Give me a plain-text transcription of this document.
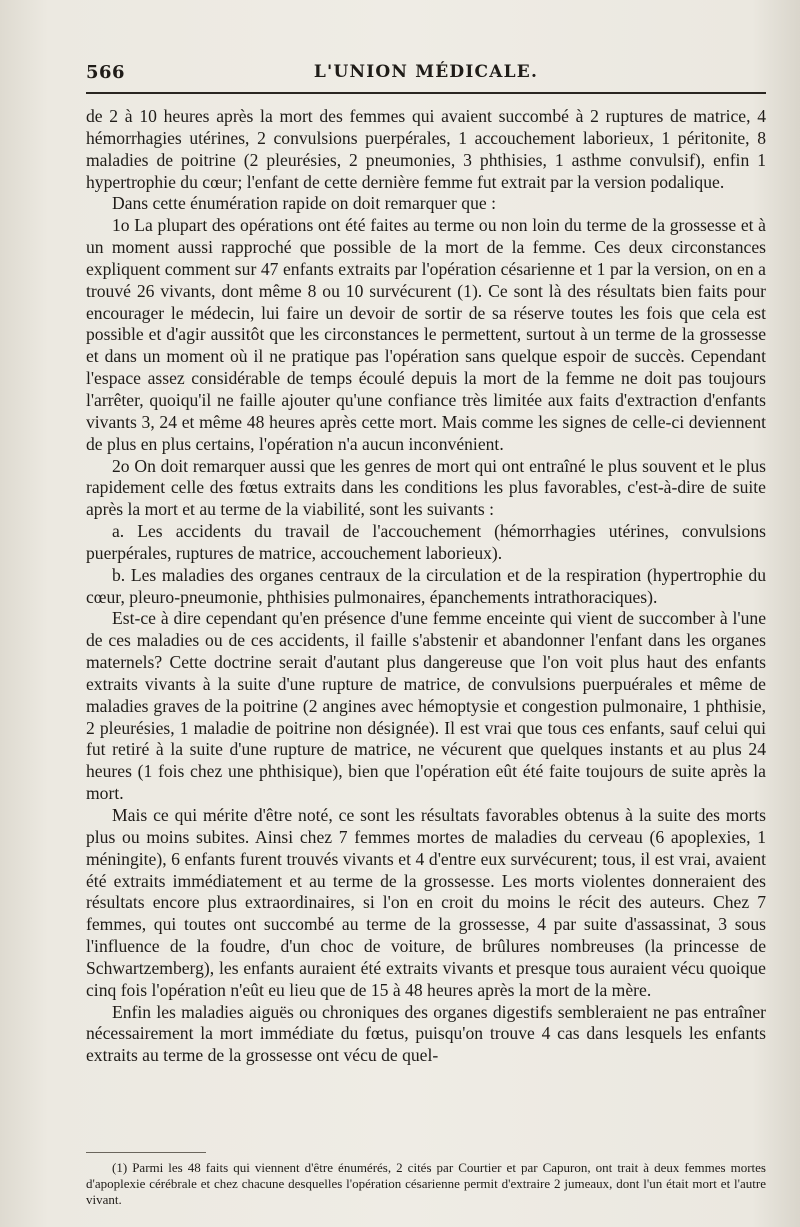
566	L'UNION MÉDICALE.

de 2 à 10 heures après la mort des femmes qui avaient succombé à 2 ruptures de matrice, 4 hémorrhagies utérines, 2 convulsions puerpérales, 1 accouchement laborieux, 1 péritonite, 8 maladies de poitrine (2 pleurésies, 2 pneumonies, 3 phthisies, 1 asthme convulsif), enfin 1 hypertrophie du cœur; l'enfant de cette dernière femme fut extrait par la version podalique.

Dans cette énumération rapide on doit remarquer que :

1o La plupart des opérations ont été faites au terme ou non loin du terme de la grossesse et à un moment aussi rapproché que possible de la mort de la femme. Ces deux circonstances expliquent comment sur 47 enfants extraits par l'opération césarienne et 1 par la version, on en a trouvé 26 vivants, dont même 8 ou 10 survécurent (1). Ce sont là des résultats bien faits pour encourager le médecin, lui faire un devoir de sortir de sa réserve toutes les fois que cela est possible et d'agir aussitôt que les circonstances le permettent, surtout à un terme de la grossesse et dans un moment où il ne pratique pas l'opération sans quelque espoir de succès. Cependant l'espace assez considérable de temps écoulé depuis la mort de la femme ne doit pas toujours l'arrêter, quoiqu'il ne faille ajouter qu'une confiance très limitée aux faits d'extraction d'enfants vivants 3, 24 et même 48 heures après cette mort. Mais comme les signes de celle-ci deviennent de plus en plus certains, l'opération n'a aucun inconvénient.

2o On doit remarquer aussi que les genres de mort qui ont entraîné le plus souvent et le plus rapidement celle des fœtus extraits dans les conditions les plus favorables, c'est-à-dire de suite après la mort et au terme de la viabilité, sont les suivants :

a. Les accidents du travail de l'accouchement (hémorrhagies utérines, convulsions puerpérales, ruptures de matrice, accouchement laborieux).

b. Les maladies des organes centraux de la circulation et de la respiration (hypertrophie du cœur, pleuro-pneumonie, phthisies pulmonaires, épanchements intrathoraciques).

Est-ce à dire cependant qu'en présence d'une femme enceinte qui vient de succomber à l'une de ces maladies ou de ces accidents, il faille s'abstenir et abandonner l'enfant dans les organes maternels? Cette doctrine serait d'autant plus dangereuse que l'on voit plus haut des enfants extraits vivants à la suite d'une rupture de matrice, de convulsions puerpuérales et même de maladies graves de la poitrine (2 angines avec hémoptysie et congestion pulmonaire, 1 phthisie, 2 pleurésies, 1 maladie de poitrine non désignée). Il est vrai que tous ces enfants, sauf celui qui fut retiré à la suite d'une rupture de matrice, ne vécurent que quelques instants et au plus 24 heures (1 fois chez une phthisique), bien que l'opération eût été faite toujours de suite après la mort.

Mais ce qui mérite d'être noté, ce sont les résultats favorables obtenus à la suite des morts plus ou moins subites. Ainsi chez 7 femmes mortes de maladies du cerveau (6 apoplexies, 1 méningite), 6 enfants furent trouvés vivants et 4 d'entre eux survécurent; tous, il est vrai, avaient été extraits immédiatement et au terme de la grossesse. Les morts violentes donneraient des résultats encore plus extraordinaires, si l'on en croit du moins le récit des auteurs. Chez 7 femmes, qui toutes ont succombé au terme de la grossesse, 4 par suite d'assassinat, 3 sous l'influence de la foudre, d'un choc de voiture, de brûlures nombreuses (la princesse de Schwartzemberg), les enfants auraient été extraits vivants et presque tous auraient vécu quoique cinq fois l'opération n'eût eu lieu que de 15 à 48 heures après la mort de la mère.

Enfin les maladies aiguës ou chroniques des organes digestifs sembleraient ne pas entraîner nécessairement la mort immédiate du fœtus, puisqu'on trouve 4 cas dans lesquels les enfants extraits au terme de la grossesse ont vécu de quel-

(1) Parmi les 48 faits qui viennent d'être énumérés, 2 cités par Courtier et par Capuron, ont trait à deux femmes mortes d'apoplexie cérébrale et chez chacune desquelles l'opération césarienne permit d'extraire 2 jumeaux, dont l'un était mort et l'autre vivant.
